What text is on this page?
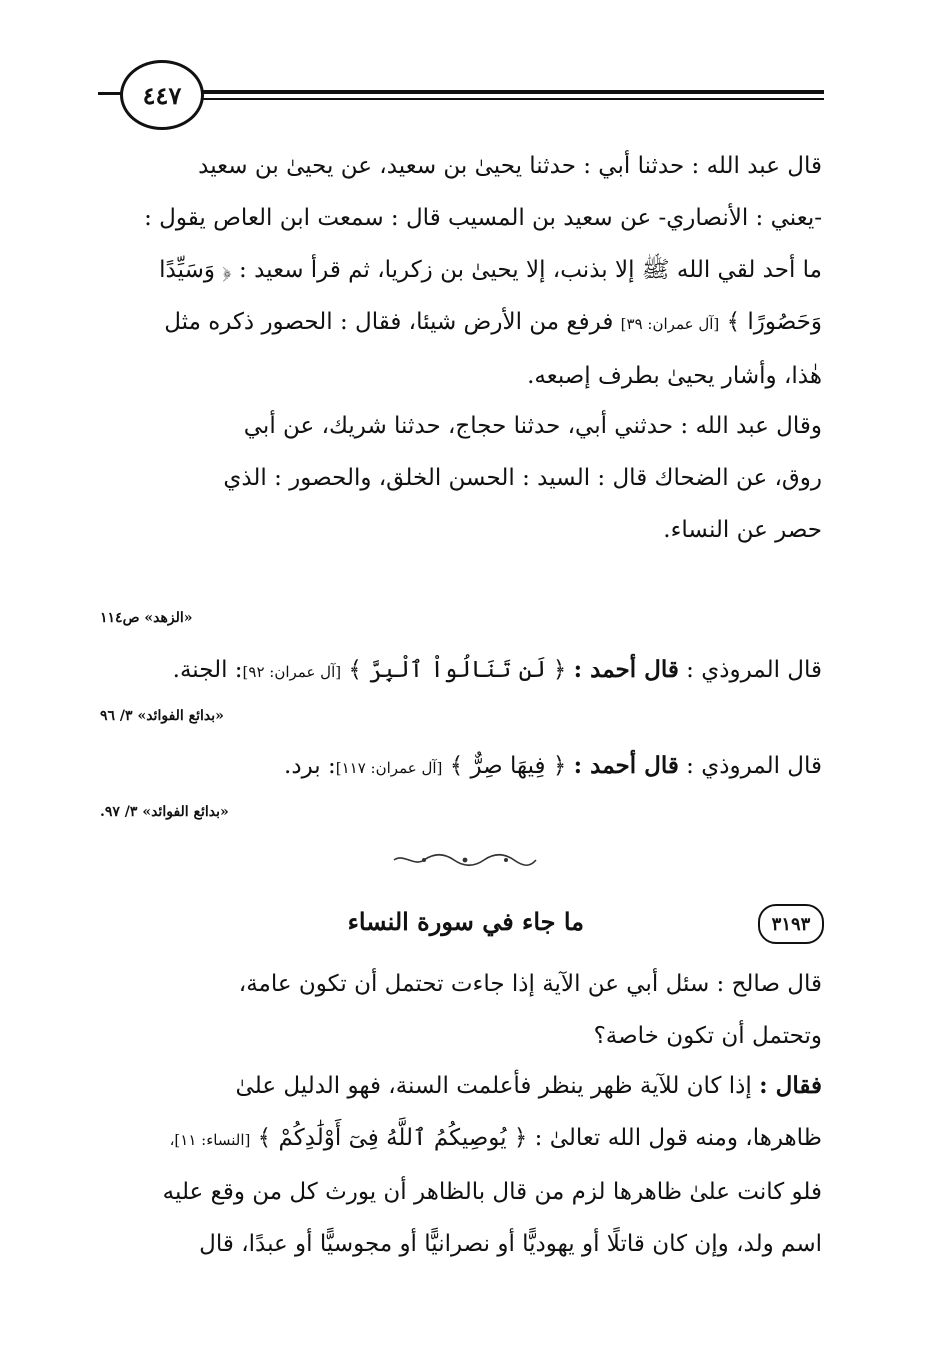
٤٤٧
قال عبد الله : حدثنا أبي : حدثنا يحيىٰ بن سعيد، عن يحيىٰ بن سعيد
-يعني : الأنصاري- عن سعيد بن المسيب قال : سمعت ابن العاص يقول :
ما أحد لقي الله ﷺ إلا بذنب، إلا يحيىٰ بن زكريا، ثم قرأ سعيد : ﴿ وَسَيِّدًا
وَحَصُورًا ﴾ [آل عمران: ٣٩] فرفع من الأرض شيئا، فقال : الحصور ذكره مثل
هٰذا، وأشار يحيىٰ بطرف إصبعه.
وقال عبد الله : حدثني أبي، حدثنا حجاج، حدثنا شريك، عن أبي
روق، عن الضحاك قال : السيد : الحسن الخلق، والحصور : الذي
حصر عن النساء.
«الزهد» ص١١٤
قال المروذي : قال أحمد : ﴿ لَن تَنَالُواْ ٱلْبِرَّ ﴾ [آل عمران: ٩٢]: الجنة.
«بدائع الفوائد» ٣/ ٩٦
قال المروذي : قال أحمد : ﴿ فِيهَا صِرٌّ ﴾ [آل عمران: ١١٧]: برد.
«بدائع الفوائد» ٣/ ٩٧.
٣١٩٣
ما جاء في سورة النساء
قال صالح : سئل أبي عن الآية إذا جاءت تحتمل أن تكون عامة،
وتحتمل أن تكون خاصة؟
فقال : إذا كان للآية ظهر ينظر فأعلمت السنة، فهو الدليل علىٰ
ظاهرها، ومنه قول الله تعالىٰ : ﴿ يُوصِيكُمُ ٱللَّهُ فِىٓ أَوْلَٰدِكُمْ ﴾ [النساء: ١١]،
فلو كانت علىٰ ظاهرها لزم من قال بالظاهر أن يورث كل من وقع عليه
اسم ولد، وإن كان قاتلًا أو يهوديًّا أو نصرانيًّا أو مجوسيًّا أو عبدًا، قال
